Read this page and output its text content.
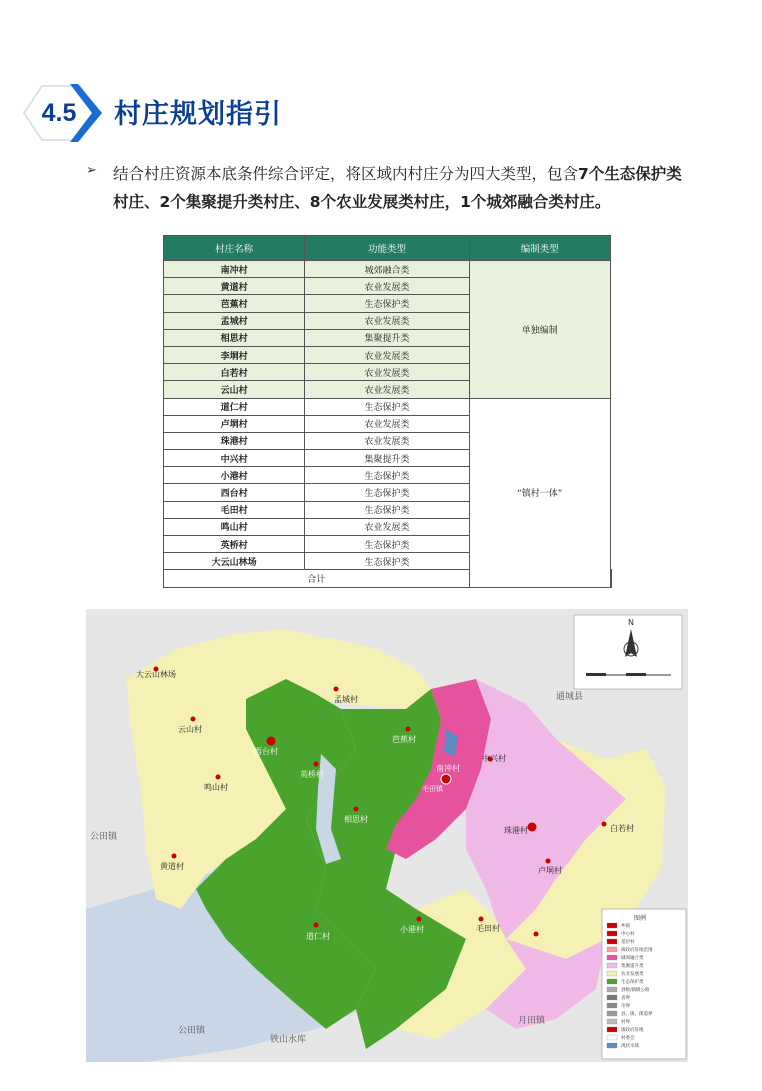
4.5	村庄规划指引
➢ 结合村庄资源本底条件综合评定，将区域内村庄分为四大类型，包含7个生态保护类村庄、2个集聚提升类村庄、8个农业发展类村庄，1个城郊融合类村庄。
村庄名称	功能类型	编制类型	
南冲村	城郊融合类	单独编制	
黄道村	农业发展类		
芭蕉村	生态保护类		
孟城村	农业发展类		
相思村	集聚提升类		
李垌村	农业发展类		
白若村	农业发展类		
云山村	农业发展类		
道仁村	生态保护类	“镇村一体”	
卢垌村	农业发展类		
珠港村	农业发展类		
中兴村	集聚提升类		
小港村	生态保护类		
西台村	生态保护类		
毛田村	生态保护类		
鸣山村	农业发展类		
英桥村	生态保护类		
大云山林场	生态保护类		
合计			
N
图例
乡镇
中心村
基层村
镇政府驻地范围
城郊融合类
集聚提升类
农业发展类
生态保护类
县级/镇级公路
省界
市界
县、镇、街道界
村界
镇政府驻地
村委会
现状水域
大云山林场
云山村
西台村
鸣山村
英桥村
孟城村
芭蕉村
南冲村
毛田镇
相思村
黄道村
道仁村
小港村
中兴村
珠港村	白若村
卢垌村
毛田村
通城县
公田镇
公田镇
月田镇
铁山水库
